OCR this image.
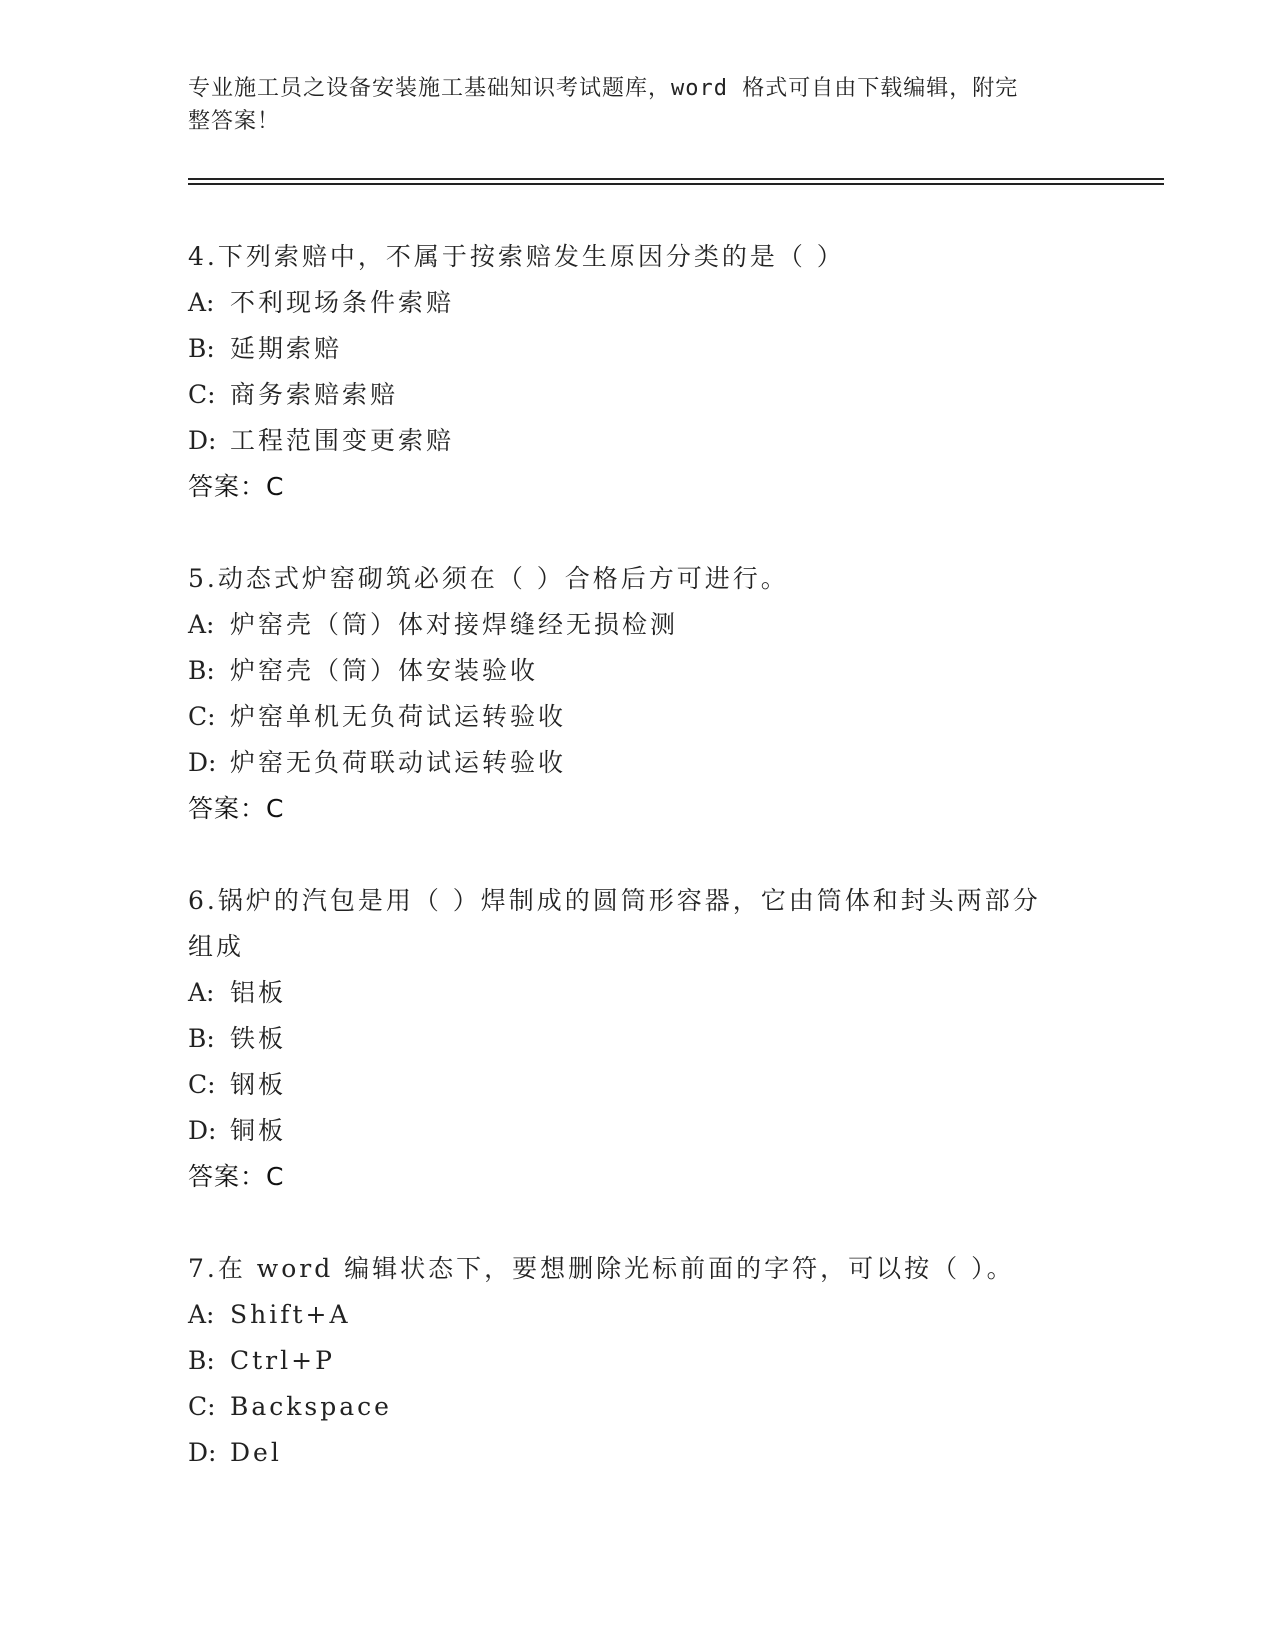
专业施工员之设备安装施工基础知识考试题库，word 格式可自由下载编辑，附完
整答案！
4.下列索赔中，不属于按索赔发生原因分类的是（ ）
A: 不利现场条件索赔
B: 延期索赔
C: 商务索赔索赔
D: 工程范围变更索赔
答案：C
5.动态式炉窑砌筑必须在（ ）合格后方可进行。
A: 炉窑壳（筒）体对接焊缝经无损检测
B: 炉窑壳（筒）体安装验收
C: 炉窑单机无负荷试运转验收
D: 炉窑无负荷联动试运转验收
答案：C
6.锅炉的汽包是用（ ）焊制成的圆筒形容器，它由筒体和封头两部分
组成
A: 铝板
B: 铁板
C: 钢板
D: 铜板
答案：C
7.在 word 编辑状态下，要想删除光标前面的字符，可以按（ ）。
A: Shift+A
B: Ctrl+P
C: Backspace
D: Del
